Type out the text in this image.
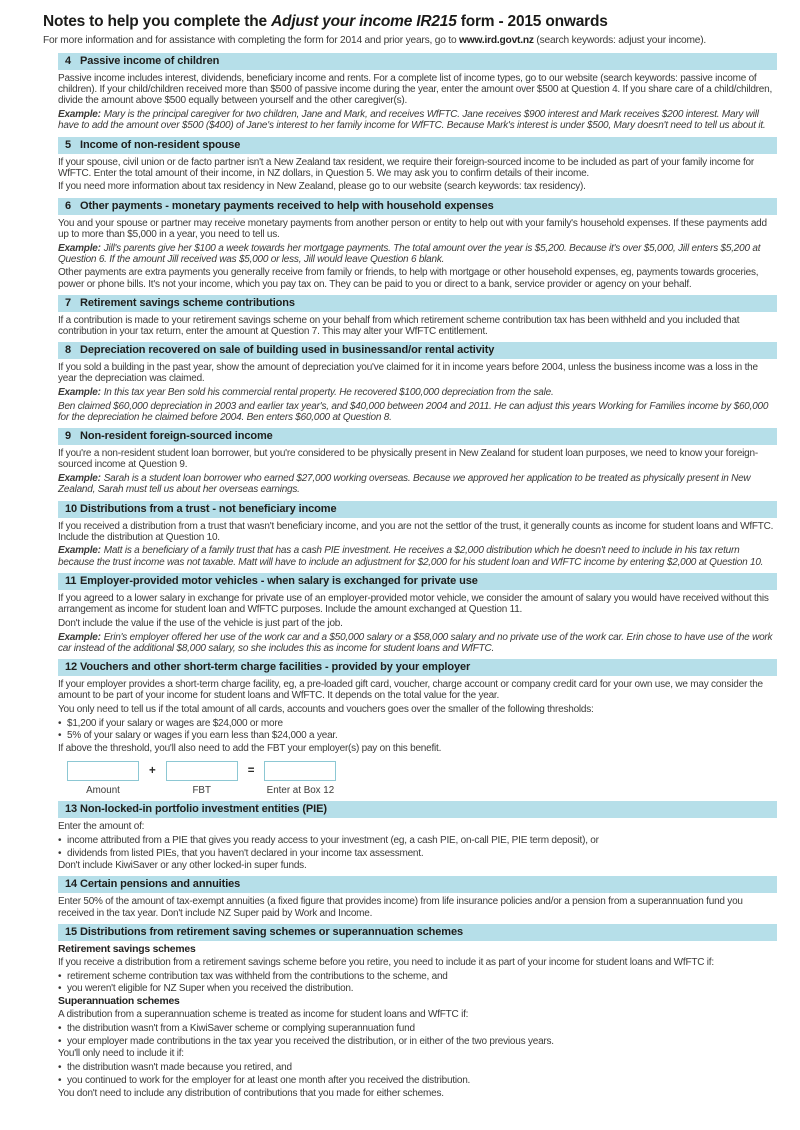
Notes to help you complete the Adjust your income IR215 form - 2015 onwards

For more information and for assistance with completing the form for 2014 and prior years, go to www.ird.govt.nz (search keywords: adjust your income).

4 Passive income of children

Passive income includes interest, dividends, beneficiary income and rents. For a complete list of income types, go to our website (search keywords: passive income of children). If your child/children received more than $500 of passive income during the year, enter the amount over $500 at Question 4. If you share care of a child/children, divide the amount above $500 equally between yourself and the other caregiver(s).

Example: Mary is the principal caregiver for two children, Jane and Mark, and receives WfFTC. Jane receives $900 interest and Mark receives $200 interest. Mary will have to add the amount over $500 ($400) of Jane's interest to her family income for WfFTC. Because Mark's interest is under $500, Mary doesn't need to tell us about it.

5 Income of non-resident spouse

If your spouse, civil union or de facto partner isn't a New Zealand tax resident, we require their foreign-sourced income to be included as part of your family income for WfFTC. Enter the total amount of their income, in NZ dollars, in Question 5. We may ask you to confirm details of their income.

If you need more information about tax residency in New Zealand, please go to our website (search keywords: tax residency).

6 Other payments - monetary payments received to help with household expenses

You and your spouse or partner may receive monetary payments from another person or entity to help out with your family's household expenses. If these payments add up to more than $5,000 in a year, you need to tell us.

Example: Jill's parents give her $100 a week towards her mortgage payments. The total amount over the year is $5,200. Because it's over $5,000, Jill enters $5,200 at Question 6. If the amount Jill received was $5,000 or less, Jill would leave Question 6 blank.

Other payments are extra payments you generally receive from family or friends, to help with mortgage or other household expenses, eg, payments towards groceries, power or phone bills. It's not your income, which you pay tax on. They can be paid to you or direct to a bank, service provider or agency on your behalf.

7 Retirement savings scheme contributions

If a contribution is made to your retirement savings scheme on your behalf from which retirement scheme contribution tax has been withheld and you included that contribution in your tax return, enter the amount at Question 7. This may alter your WfFTC entitlement.

8 Depreciation recovered on sale of building used in businessand/or rental activity

If you sold a building in the past year, show the amount of depreciation you've claimed for it in income years before 2004, unless the business income was a loss in the year the depreciation was claimed.

Example: In this tax year Ben sold his commercial rental property. He recovered $100,000 depreciation from the sale.

Ben claimed $60,000 depreciation in 2003 and earlier tax year's, and $40,000 between 2004 and 2011. He can adjust this years Working for Families income by $60,000 for the depreciation he claimed before 2004. Ben enters $60,000 at Question 8.

9 Non-resident foreign-sourced income

If you're a non-resident student loan borrower, but you're considered to be physically present in New Zealand for student loan purposes, we need to know your foreign-sourced income at Question 9.

Example: Sarah is a student loan borrower who earned $27,000 working overseas. Because we approved her application to be treated as physically present in New Zealand, Sarah must tell us about her overseas earnings.

10 Distributions from a trust - not beneficiary income

If you received a distribution from a trust that wasn't beneficiary income, and you are not the settlor of the trust, it generally counts as income for student loans and WfFTC. Include the distribution at Question 10.

Example: Matt is a beneficiary of a family trust that has a cash PIE investment. He receives a $2,000 distribution which he doesn't need to include in his tax return because the trust income was not taxable. Matt will have to include an adjustment for $2,000 for his student loan and WfFTC income by entering $2,000 at Question 10.

11 Employer-provided motor vehicles - when salary is exchanged for private use

If you agreed to a lower salary in exchange for private use of an employer-provided motor vehicle, we consider the amount of salary you would have received without this arrangement as income for student loan and WfFTC purposes. Include the amount exchanged at Question 11.

Don't include the value if the use of the vehicle is just part of the job.

Example: Erin's employer offered her use of the work car and a $50,000 salary or a $58,000 salary and no private use of the work car. Erin chose to have use of the work car instead of the additional $8,000 salary, so she includes this as income for student loans and WfFTC.

12 Vouchers and other short-term charge facilities - provided by your employer

If your employer provides a short-term charge facility, eg, a pre-loaded gift card, voucher, charge account or company credit card for your own use, we may consider the amount to be part of your income for student loans and WfFTC. It depends on the total value for the year.

You only need to tell us if the total amount of all cards, accounts and vouchers goes over the smaller of the following thresholds:

• $1,200 if your salary or wages are $24,000 or more

• 5% of your salary or wages if you earn less than $24,000 a year.

If above the threshold, you'll also need to add the FBT your employer(s) pay on this benefit.

Amount
+
FBT
=
Enter at Box 12
13 Non-locked-in portfolio investment entities (PIE)

Enter the amount of:

• income attributed from a PIE that gives you ready access to your investment (eg, a cash PIE, on-call PIE, PIE term deposit), or

• dividends from listed PIEs, that you haven't declared in your income tax assessment.

Don't include KiwiSaver or any other locked-in super funds.

14 Certain pensions and annuities

Enter 50% of the amount of tax-exempt annuities (a fixed figure that provides income) from life insurance policies and/or a pension from a superannuation fund you received in the tax year. Don't include NZ Super paid by Work and Income.

15 Distributions from retirement saving schemes or superannuation schemes

Retirement savings schemes

If you receive a distribution from a retirement savings scheme before you retire, you need to include it as part of your income for student loans and WfFTC if:

• retirement scheme contribution tax was withheld from the contributions to the scheme, and

• you weren't eligible for NZ Super when you received the distribution.

Superannuation schemes

A distribution from a superannuation scheme is treated as income for student loans and WfFTC if:

• the distribution wasn't from a KiwiSaver scheme or complying superannuation fund

• your employer made contributions in the tax year you received the distribution, or in either of the two previous years.

You'll only need to include it if:

• the distribution wasn't made because you retired, and

• you continued to work for the employer for at least one month after you received the distribution.

You don't need to include any distribution of contributions that you made for either schemes.
